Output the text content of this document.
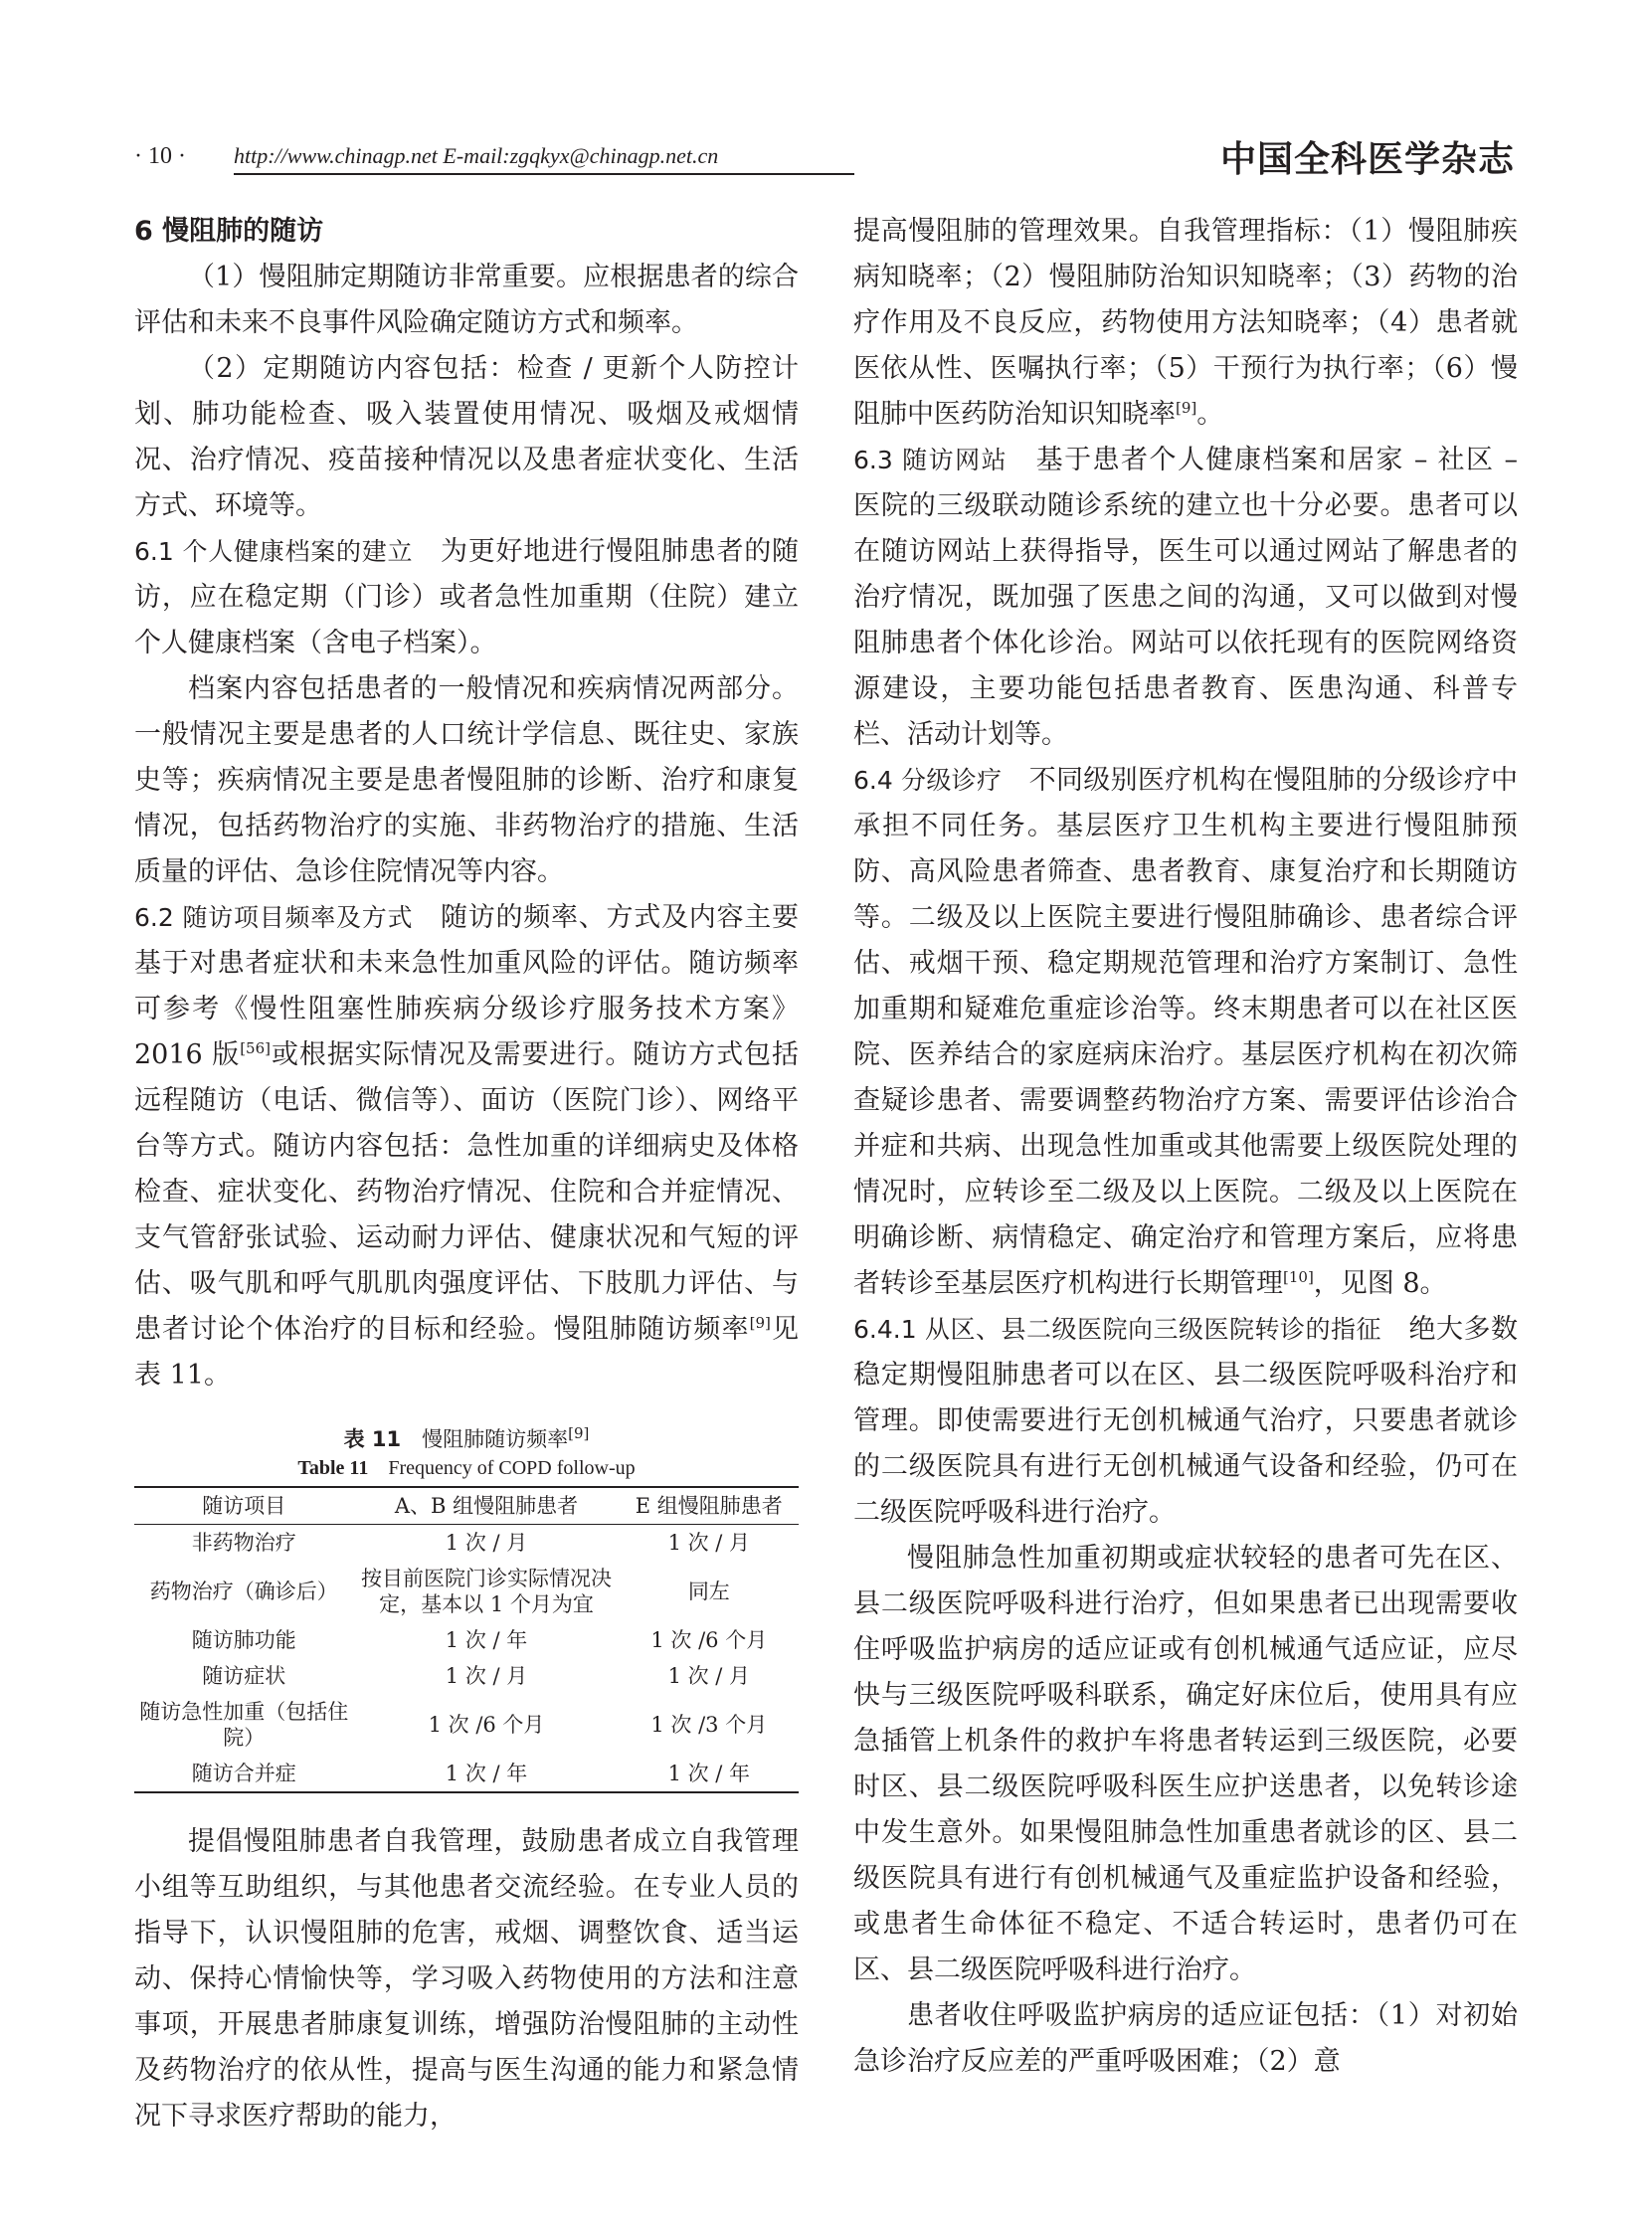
· 10 · http://www.chinagp.net E-mail:zgqkyx@chinagp.net.cn	中国全科医学杂志

6 慢阻肺的随访

（1）慢阻肺定期随访非常重要。应根据患者的综合评估和未来不良事件风险确定随访方式和频率。

（2）定期随访内容包括：检查 / 更新个人防控计划、肺功能检查、吸入装置使用情况、吸烟及戒烟情况、治疗情况、疫苗接种情况以及患者症状变化、生活方式、环境等。

6.1 个人健康档案的建立　 为更好地进行慢阻肺患者的随访，应在稳定期（门诊）或者急性加重期（住院）建立个人健康档案（含电子档案）。

档案内容包括患者的一般情况和疾病情况两部分。一般情况主要是患者的人口统计学信息、既往史、家族史等；疾病情况主要是患者慢阻肺的诊断、治疗和康复情况，包括药物治疗的实施、非药物治疗的措施、生活质量的评估、急诊住院情况等内容。

6.2 随访项目频率及方式　 随访的频率、方式及内容主要基于对患者症状和未来急性加重风险的评估。随访频率可参考《慢性阻塞性肺疾病分级诊疗服务技术方案》2016 版[56]或根据实际情况及需要进行。随访方式包括远程随访（电话、微信等）、面访（医院门诊）、网络平台等方式。随访内容包括：急性加重的详细病史及体格检查、症状变化、药物治疗情况、住院和合并症情况、支气管舒张试验、运动耐力评估、健康状况和气短的评估、吸气肌和呼气肌肌肉强度评估、下肢肌力评估、与患者讨论个体治疗的目标和经验。慢阻肺随访频率[9]见表 11。

表 11　 慢阻肺随访频率[9]
Table 11　 Frequency of COPD follow-up
随访项目	A、B 组慢阻肺患者	E 组慢阻肺患者
非药物治疗	1 次 / 月	1 次 / 月
药物治疗（确诊后）	按目前医院门诊实际情况决定，基本以 1 个月为宜	同左
随访肺功能	1 次 / 年	1 次 /6 个月
随访症状	1 次 / 月	1 次 / 月
随访急性加重（包括住院）	1 次 /6 个月	1 次 /3 个月
随访合并症	1 次 / 年	1 次 / 年

提倡慢阻肺患者自我管理，鼓励患者成立自我管理小组等互助组织，与其他患者交流经验。在专业人员的指导下，认识慢阻肺的危害，戒烟、调整饮食、适当运动、保持心情愉快等，学习吸入药物使用的方法和注意事项，开展患者肺康复训练，增强防治慢阻肺的主动性及药物治疗的依从性，提高与医生沟通的能力和紧急情况下寻求医疗帮助的能力，

提高慢阻肺的管理效果。自我管理指标：（1）慢阻肺疾病知晓率；（2）慢阻肺防治知识知晓率；（3）药物的治疗作用及不良反应，药物使用方法知晓率；（4）患者就医依从性、医嘱执行率；（5）干预行为执行率；（6）慢阻肺中医药防治知识知晓率[9]。

6.3 随访网站　 基于患者个人健康档案和居家 – 社区 – 医院的三级联动随诊系统的建立也十分必要。患者可以在随访网站上获得指导，医生可以通过网站了解患者的治疗情况，既加强了医患之间的沟通，又可以做到对慢阻肺患者个体化诊治。网站可以依托现有的医院网络资源建设，主要功能包括患者教育、医患沟通、科普专栏、活动计划等。

6.4 分级诊疗　 不同级别医疗机构在慢阻肺的分级诊疗中承担不同任务。基层医疗卫生机构主要进行慢阻肺预防、高风险患者筛查、患者教育、康复治疗和长期随访等。二级及以上医院主要进行慢阻肺确诊、患者综合评估、戒烟干预、稳定期规范管理和治疗方案制订、急性加重期和疑难危重症诊治等。终末期患者可以在社区医院、医养结合的家庭病床治疗。基层医疗机构在初次筛查疑诊患者、需要调整药物治疗方案、需要评估诊治合并症和共病、出现急性加重或其他需要上级医院处理的情况时，应转诊至二级及以上医院。二级及以上医院在明确诊断、病情稳定、确定治疗和管理方案后，应将患者转诊至基层医疗机构进行长期管理[10]，见图 8。

6.4.1 从区、县二级医院向三级医院转诊的指征　 绝大多数稳定期慢阻肺患者可以在区、县二级医院呼吸科治疗和管理。即使需要进行无创机械通气治疗，只要患者就诊的二级医院具有进行无创机械通气设备和经验，仍可在二级医院呼吸科进行治疗。

慢阻肺急性加重初期或症状较轻的患者可先在区、县二级医院呼吸科进行治疗，但如果患者已出现需要收住呼吸监护病房的适应证或有创机械通气适应证，应尽快与三级医院呼吸科联系，确定好床位后，使用具有应急插管上机条件的救护车将患者转运到三级医院，必要时区、县二级医院呼吸科医生应护送患者，以免转诊途中发生意外。如果慢阻肺急性加重患者就诊的区、县二级医院具有进行有创机械通气及重症监护设备和经验，或患者生命体征不稳定、不适合转运时，患者仍可在区、县二级医院呼吸科进行治疗。

患者收住呼吸监护病房的适应证包括：（1）对初始急诊治疗反应差的严重呼吸困难；（2）意
